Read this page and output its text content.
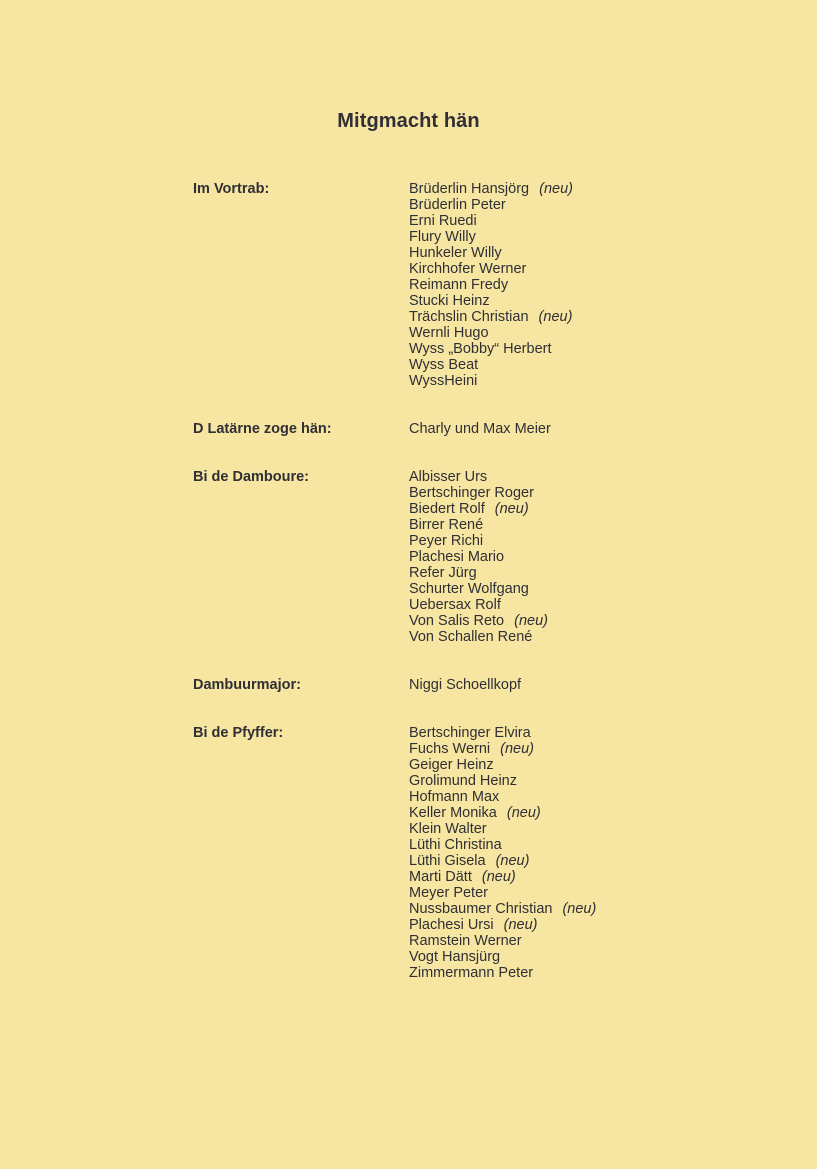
Mitgmacht hän
Im Vortrab:	Brüderlin Hansjörg ( neu )
Brüderlin Peter
Erni Ruedi
Flury Willy
Hunkeler Willy
Kirchhofer Werner
Reimann Fredy
Stucki Heinz
Trächslin Christian ( neu )
Wernli Hugo
Wyss „Bobby“ Herbert
Wyss Beat
WyssHeini
D Latärne zoge hän:	Charly und Max Meier
Bi de Damboure:	Albisser Urs
Bertschinger Roger
Biedert Rolf ( neu )
Birrer René
Peyer Richi
Plachesi Mario
Refer Jürg
Schurter Wolfgang
Uebersax Rolf
Von Salis Reto ( neu )
Von Schallen René
Dambuurmajor:	Niggi Schoellkopf
Bi de Pfyffer:	Bertschinger Elvira
Fuchs Werni ( neu )
Geiger Heinz
Grolimund Heinz
Hofmann Max
Keller Monika ( neu )
Klein Walter
Lüthi Christina
Lüthi Gisela ( neu )
Marti Dätt ( neu )
Meyer Peter
Nussbaumer Christian ( neu )
Plachesi Ursi ( neu )
Ramstein Werner
Vogt Hansjürg
Zimmermann Peter
